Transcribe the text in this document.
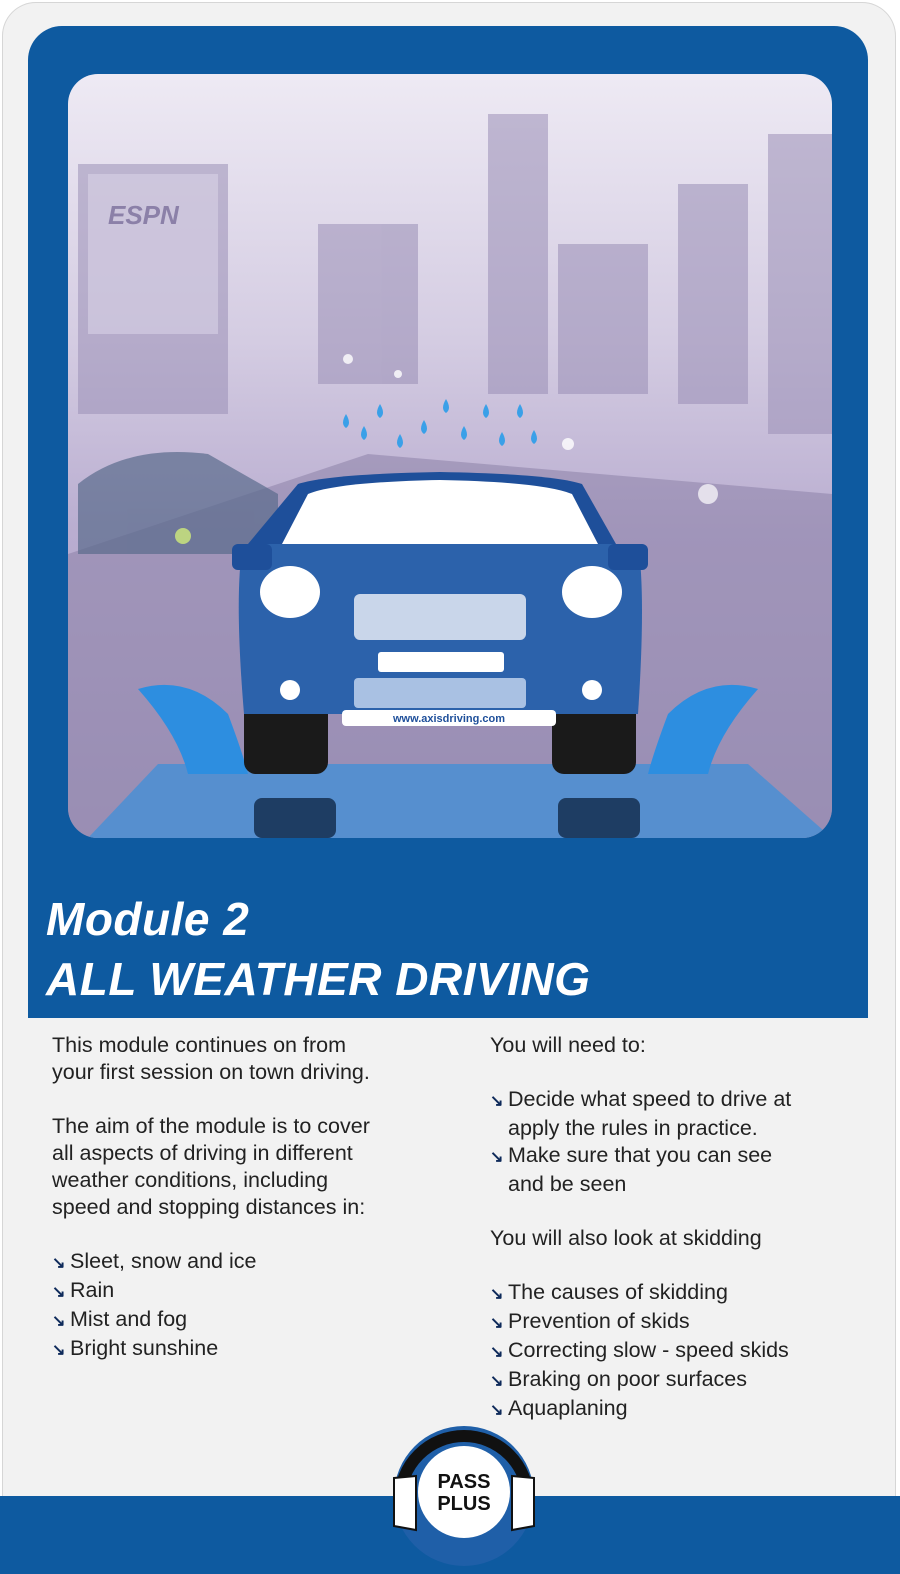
ESPN
www.axisdriving.com
Module 2
ALL WEATHER DRIVING

This module continues on from

your first session on town driving.

The aim of the module is to cover

all aspects of driving in different

weather conditions, including

speed and stopping distances in:

↘ Sleet, snow and ice
↘ Rain
↘ Mist and fog
↘ Bright sunshine

You will need to:

↘ Decide what speed to drive at

apply the rules in practice.

↘ Make sure that you can see

and be seen

You will also look at skidding

↘ The causes of skidding
↘ Prevention of skids
↘ Correcting slow - speed skids
↘ Braking on poor surfaces
↘ Aquaplaning
PASS
PLUS
